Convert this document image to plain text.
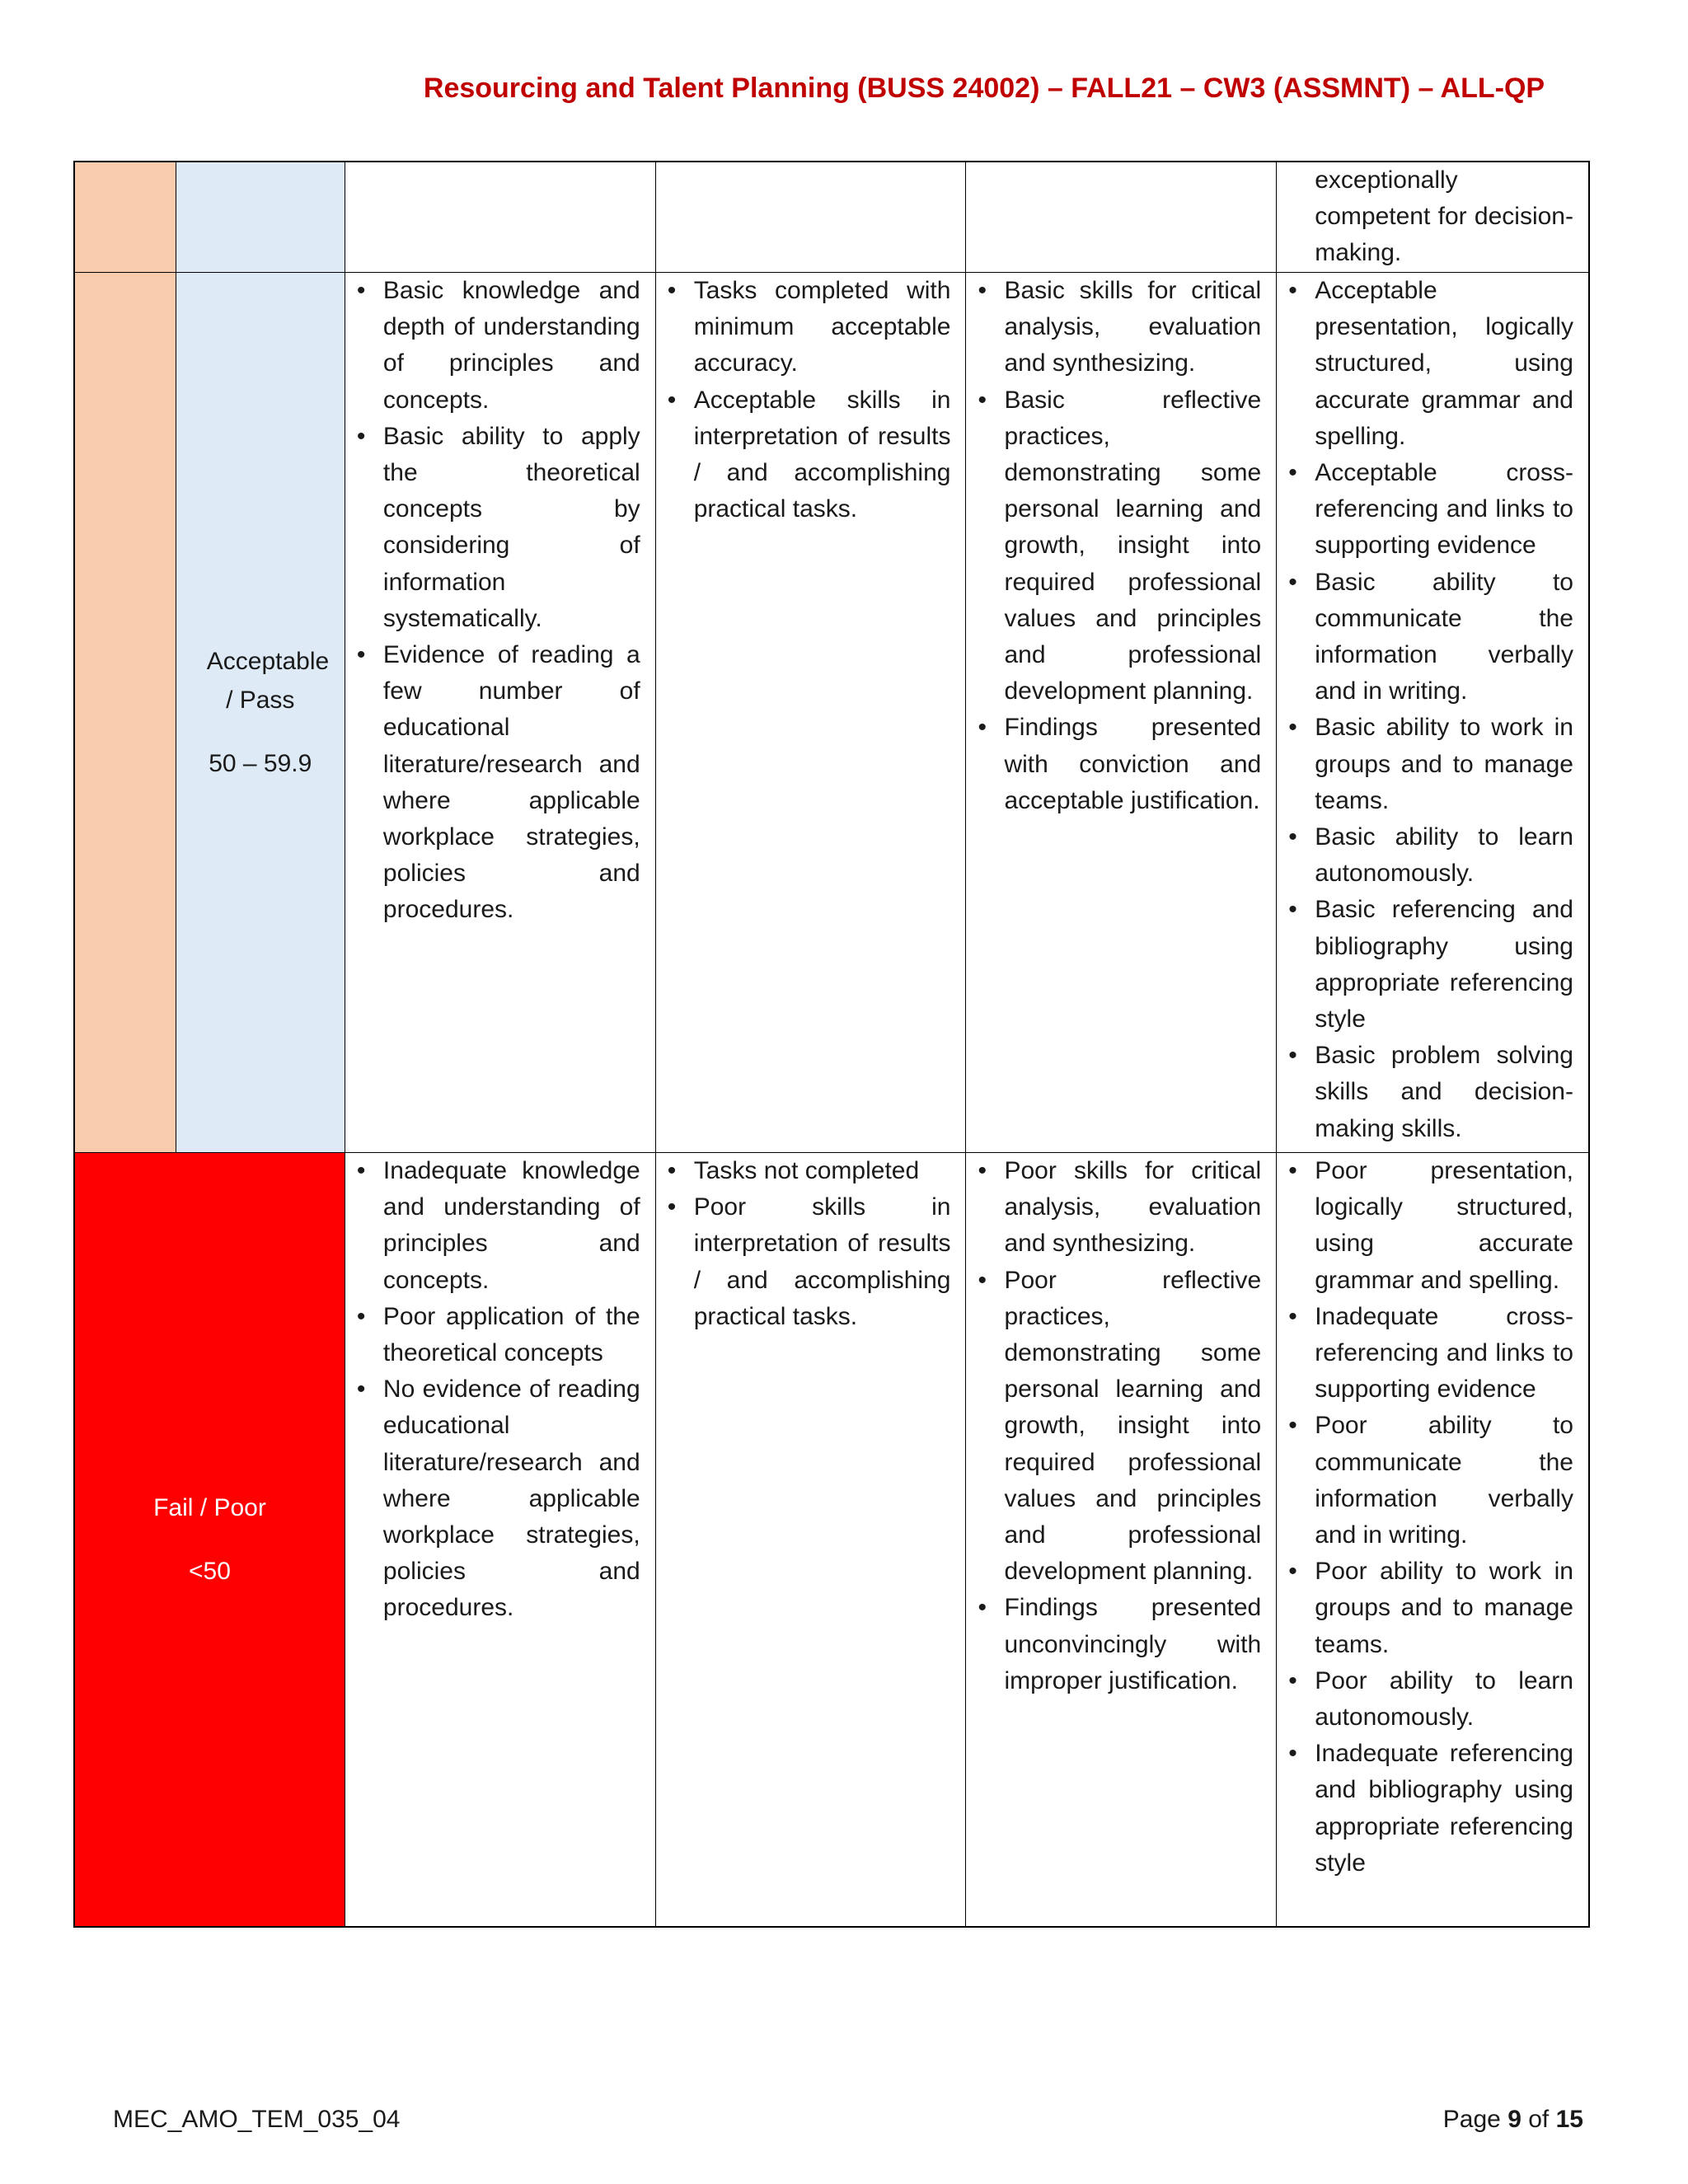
Resourcing and Talent Planning (BUSS 24002) – FALL21 – CW3 (ASSMNT) – ALL-QP
exceptionally competent for decision-making.
Acceptable / Pass
50 – 59.9
• Basic knowledge and depth of understanding of principles and concepts.
• Basic ability to apply the theoretical concepts by considering of information systematically.
• Evidence of reading a few number of educational literature/research and where applicable workplace strategies, policies and procedures.
• Tasks completed with minimum acceptable accuracy.
• Acceptable skills in interpretation of results / and accomplishing practical tasks.
• Basic skills for critical analysis, evaluation and synthesizing.
• Basic reflective practices, demonstrating some personal learning and growth, insight into required professional values and principles and professional development planning.
• Findings presented with conviction and acceptable justification.
• Acceptable presentation, logically structured, using accurate grammar and spelling.
• Acceptable cross-referencing and links to supporting evidence
• Basic ability to communicate the information verbally and in writing.
• Basic ability to work in groups and to manage teams.
• Basic ability to learn autonomously.
• Basic referencing and bibliography using appropriate referencing style
• Basic problem solving skills and decision-making skills.
Fail / Poor
<50
• Inadequate knowledge and understanding of principles and concepts.
• Poor application of the theoretical concepts
• No evidence of reading educational literature/research and where applicable workplace strategies, policies and procedures.
• Tasks not completed
• Poor skills in interpretation of results / and accomplishing practical tasks.
• Poor skills for critical analysis, evaluation and synthesizing.
• Poor reflective practices, demonstrating some personal learning and growth, insight into required professional values and principles and professional development planning.
• Findings presented unconvincingly with improper justification.
• Poor presentation, logically structured, using accurate grammar and spelling.
• Inadequate cross-referencing and links to supporting evidence
• Poor ability to communicate the information verbally and in writing.
• Poor ability to work in groups and to manage teams.
• Poor ability to learn autonomously.
• Inadequate referencing and bibliography using appropriate referencing style
MEC_AMO_TEM_035_04	Page 9 of 15
